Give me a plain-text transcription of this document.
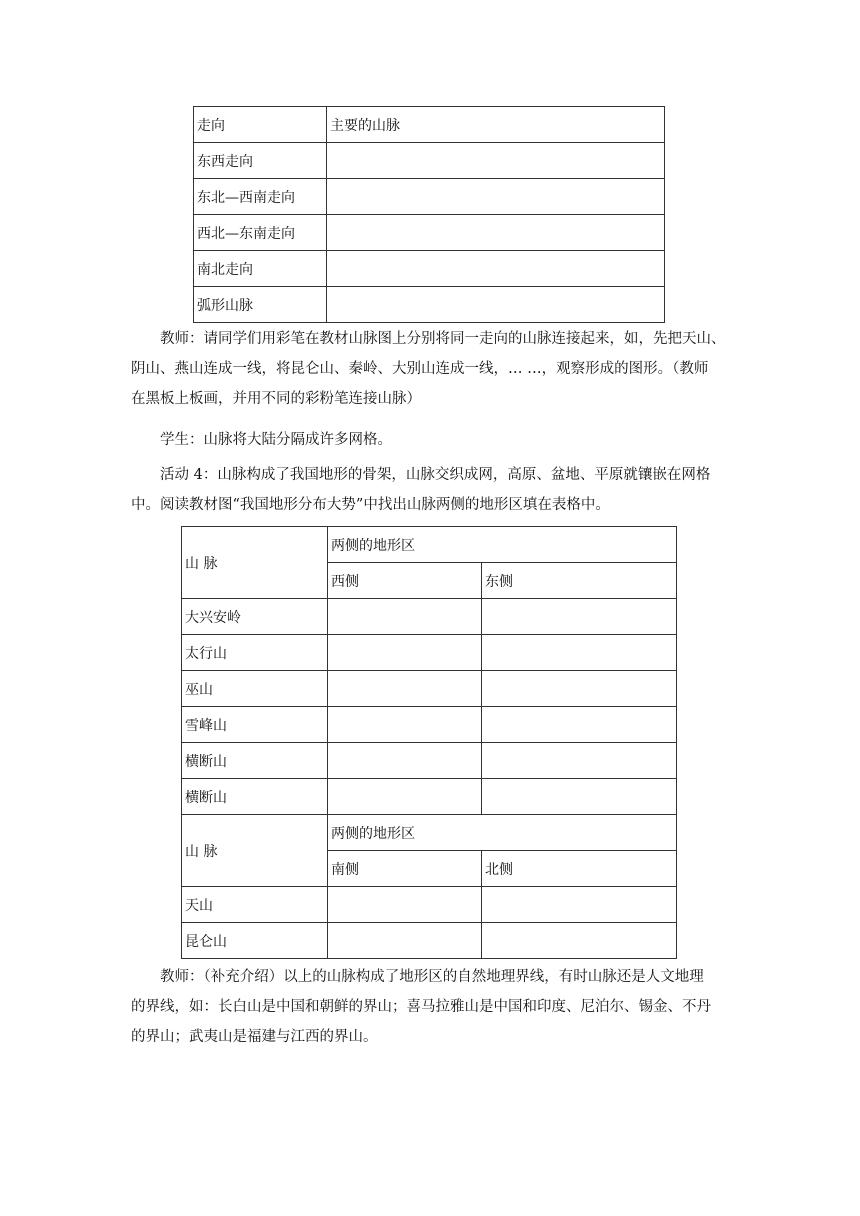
走向	主要的山脉
东西走向	
东北—西南走向	
西北—东南走向	
南北走向	
弧形山脉	

教师：请同学们用彩笔在教材山脉图上分别将同一走向的山脉连接起来，如，先把天山、
阴山、燕山连成一线，将昆仑山、秦岭、大别山连成一线，… …，观察形成的图形。（教师
在黑板上板画，并用不同的彩粉笔连接山脉）

学生：山脉将大陆分隔成许多网格。

活动 4：山脉构成了我国地形的骨架，山脉交织成网，高原、盆地、平原就镶嵌在网格
中。阅读教材图“我国地形分布大势”中找出山脉两侧的地形区填在表格中。

山 脉	两侧的地形区	
	西侧	东侧
大兴安岭		
太行山		
巫山		
雪峰山		
横断山		
横断山		
山 脉	两侧的地形区	
	南侧	北侧
天山		
昆仑山		

教师：（补充介绍）以上的山脉构成了地形区的自然地理界线，有时山脉还是人文地理
的界线，如：长白山是中国和朝鲜的界山；喜马拉雅山是中国和印度、尼泊尔、锡金、不丹
的界山；武夷山是福建与江西的界山。
